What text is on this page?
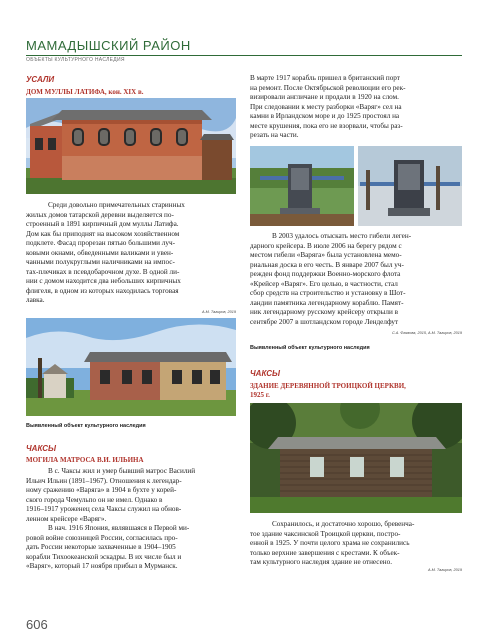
МАМАДЫШСКИЙ РАЙОН
ОБЪЕКТЫ КУЛЬТУРНОГО НАСЛЕДИЯ
УСАЛИ
ДОМ МУЛЛЫ ЛАТИФА, кон. XIX в.
Среди довольно примечательных старинных
жилых домов татарской деревни выделяется по-
строенный в 1891 кирпичный дом муллы Латифа.
Дом как бы приподнят на высоком хозяйственном
подклете. Фасад прорезан пятью большими луч-
ковыми окнами, обведенными валиками и увен-
чанными полукруглыми наличниками на импос-
тах-плечиках в псевдобарочном духе. В одной ли-
нии с домом находится два небольших кирпичных
флигеля, в одном из которых находилась торговая
лавка.
А.М. Тагиров, 2019
Выявленный объект культурного наследия
ЧАКСЫ
МОГИЛА МАТРОСА В.И. ИЛЬИНА
В с. Чаксы жил и умер бывший матрос Василий
Ильич Ильин (1891–1967). Отношения к легендар-
ному сражению «Варяга» в 1904 в бухте у корей-
ского города Чемульпо он не имел. Однако в
1916–1917 уроженец села Чаксы служил на обнов-
ленном крейсере «Варяг».
В нач. 1916 Япония, являвшаяся в Первой ми-
ровой войне союзницей России, согласилась про-
дать России некоторые захваченные в 1904–1905
корабли Тихоокеанской эскадры. В их числе был и
«Варяг», который 17 ноября прибыл в Мурманск.
606
В марте 1917 корабль пришел в британский порт
на ремонт. После Октябрьской революции его рек-
визировали англичане и продали в 1920 на слом.
При следовании к месту разборки «Варяг» сел на
камни в Ирландском море и до 1925 простоял на
месте крушения, пока его не взорвали, чтобы раз-
резать на части.
В 2003 удалось отыскать место гибели леген-
дарного крейсера. В июле 2006 на берегу рядом с
местом гибели «Варяга» была установлена мемо-
риальная доска в его честь. В январе 2007 был уч-
режден фонд поддержки Военно-морского флота
«Крейсер «Варяг». Его целью, в частности, стал
сбор средств на строительство и установку в Шот-
ландии памятника легендарному кораблю. Памят-
ник легендарному русскому крейсеру открыли в
сентябре 2007 в шотландском городе Ленделфут
С.А. Фаязова, 2015, А.М. Тагиров, 2019
Выявленный объект культурного наследия
ЧАКСЫ
ЗДАНИЕ ДЕРЕВЯННОЙ ТРОИЦКОЙ ЦЕРКВИ,
1925 г.
Сохранилось, и достаточно хорошо, бревенча-
тое здание чаксинской Троицкой церкви, постро-
енной в 1925. У почти целого храма не сохранились
только верхние завершения с крестами. К объек-
там культурного наследия здание не отнесено.
А.М. Тагиров, 2019
